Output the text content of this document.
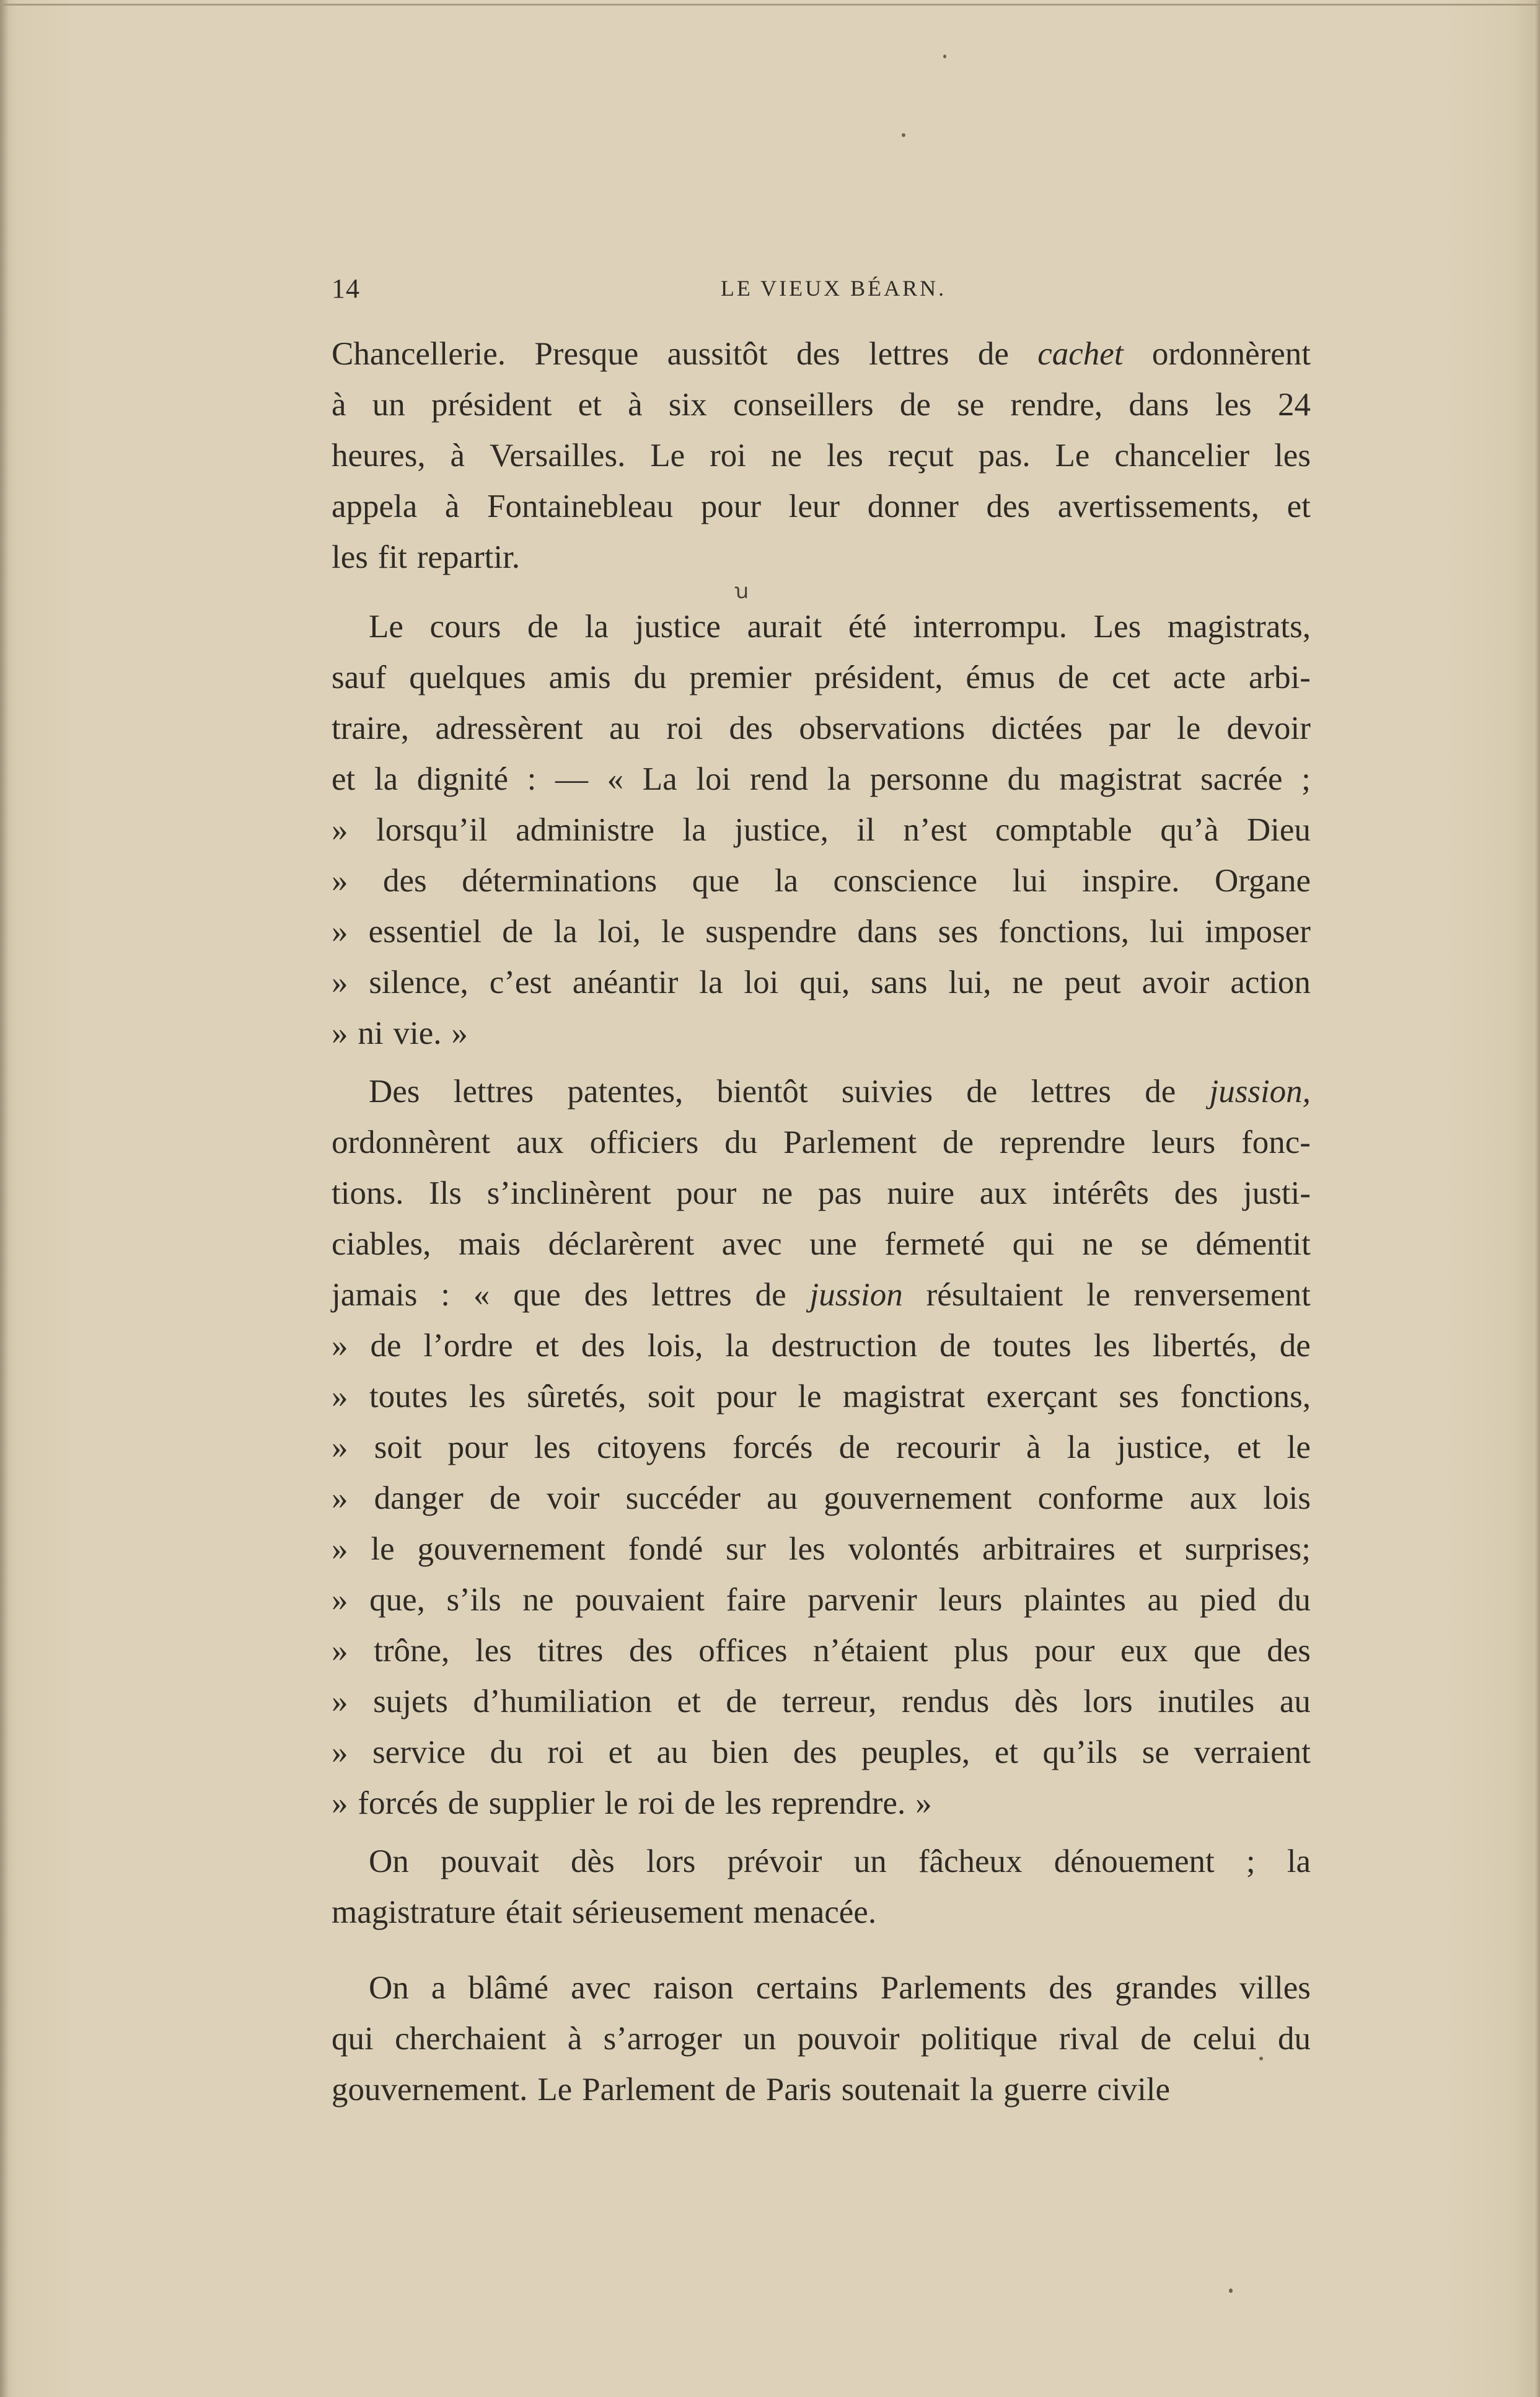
14	LE VIEUX BÉARN.
Chancellerie. Presque aussitôt des lettres de cachet ordonnèrent
à un président et à six conseillers de se rendre, dans les 24
heures, à Versailles. Le roi ne les reçut pas. Le chancelier les
appela à Fontainebleau pour leur donner des avertissements, et
les fit repartir.
ꭒ
Le cours de la justice aurait été interrompu. Les magistrats,
sauf quelques amis du premier président, émus de cet acte arbi-
traire, adressèrent au roi des observations dictées par le devoir
et la dignité : — « La loi rend la personne du magistrat sacrée ;
» lorsqu’il administre la justice, il n’est comptable qu’à Dieu
» des déterminations que la conscience lui inspire. Organe
» essentiel de la loi, le suspendre dans ses fonctions, lui imposer
» silence, c’est anéantir la loi qui, sans lui, ne peut avoir action
» ni vie. »
Des lettres patentes, bientôt suivies de lettres de jussion,
ordonnèrent aux officiers du Parlement de reprendre leurs fonc-
tions. Ils s’inclinèrent pour ne pas nuire aux intérêts des justi-
ciables, mais déclarèrent avec une fermeté qui ne se démentit
jamais : « que des lettres de jussion résultaient le renversement
» de l’ordre et des lois, la destruction de toutes les libertés, de
» toutes les sûretés, soit pour le magistrat exerçant ses fonctions,
» soit pour les citoyens forcés de recourir à la justice, et le
» danger de voir succéder au gouvernement conforme aux lois
» le gouvernement fondé sur les volontés arbitraires et surprises;
» que, s’ils ne pouvaient faire parvenir leurs plaintes au pied du
» trône, les titres des offices n’étaient plus pour eux que des
» sujets d’humiliation et de terreur, rendus dès lors inutiles au
» service du roi et au bien des peuples, et qu’ils se verraient
» forcés de supplier le roi de les reprendre. »
On pouvait dès lors prévoir un fâcheux dénouement ; la
magistrature était sérieusement menacée.
On a blâmé avec raison certains Parlements des grandes villes
qui cherchaient à s’arroger un pouvoir politique rival de celui du
gouvernement. Le Parlement de Paris soutenait la guerre civile
